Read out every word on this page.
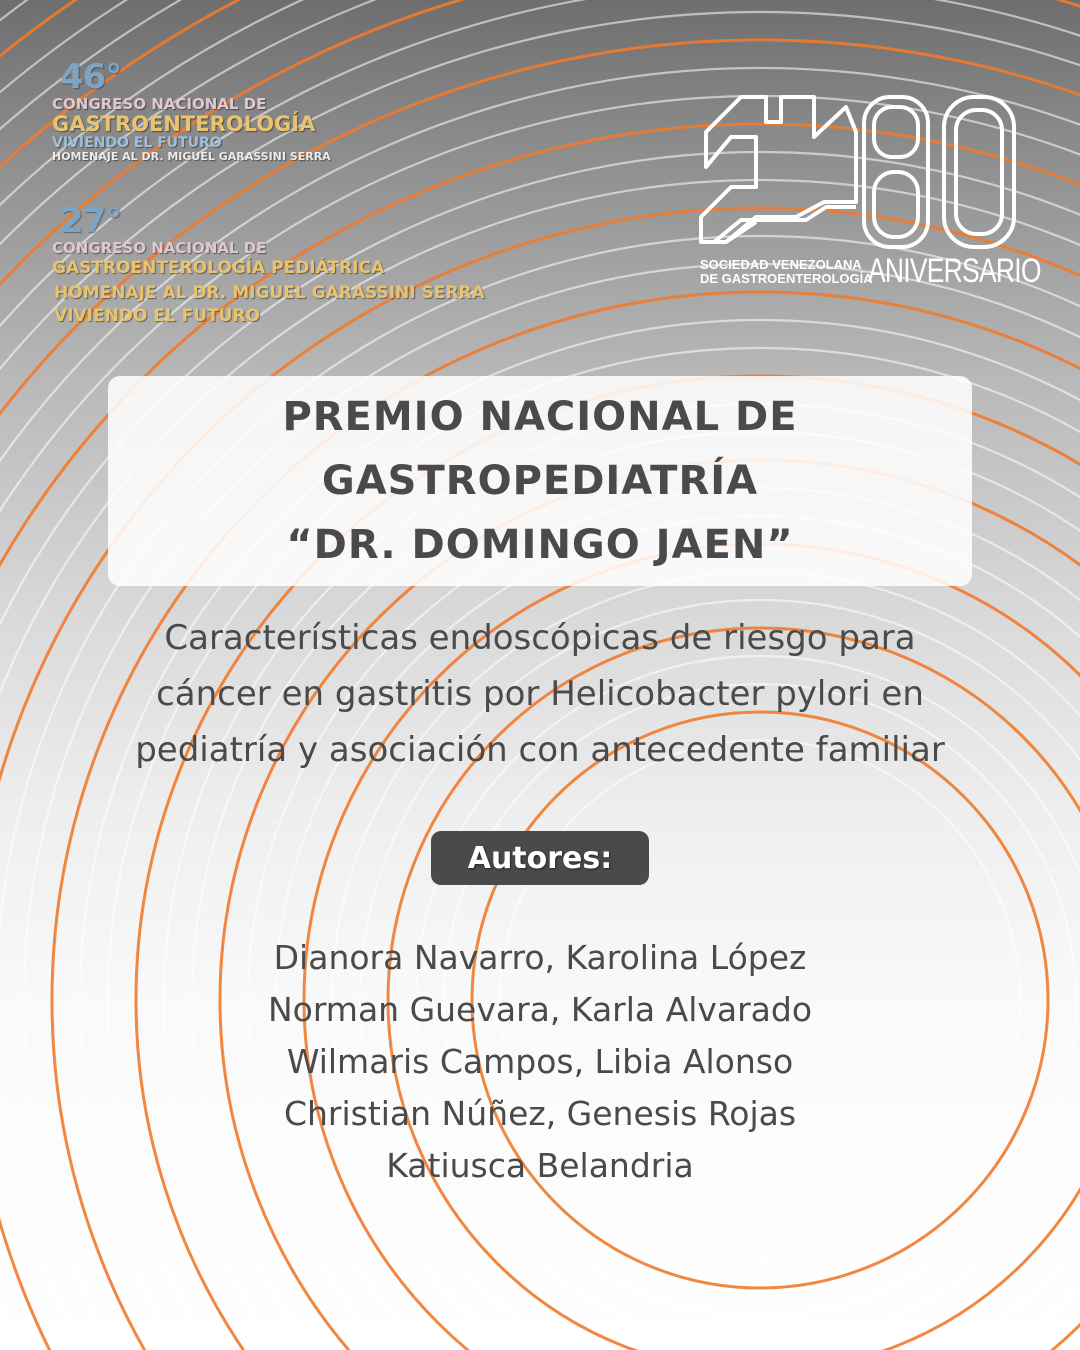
46°
CONGRESO NACIONAL DE
GASTROENTEROLOGÍA
VIVIENDO EL FUTURO
HOMENAJE AL DR. MIGUEL GARASSINI SERRA
27°
CONGRESO NACIONAL DE
GASTROENTEROLOGÍA PEDIÁTRICA
HOMENAJE AL DR. MIGUEL GARASSINI SERRA
VIVIENDO EL FUTURO
SOCIEDAD VENEZOLANA
DE GASTROENTEROLOGÍA
ANIVERSARIO
PREMIO NACIONAL DE
GASTROPEDIATRÍA
“DR. DOMINGO JAEN”
Características endoscópicas de riesgo para
cáncer en gastritis por Helicobacter pylori en
pediatría y asociación con antecedente familiar
Autores:
Dianora Navarro, Karolina López
Norman Guevara, Karla Alvarado
Wilmaris Campos, Libia Alonso
Christian Núñez, Genesis Rojas
Katiusca Belandria
